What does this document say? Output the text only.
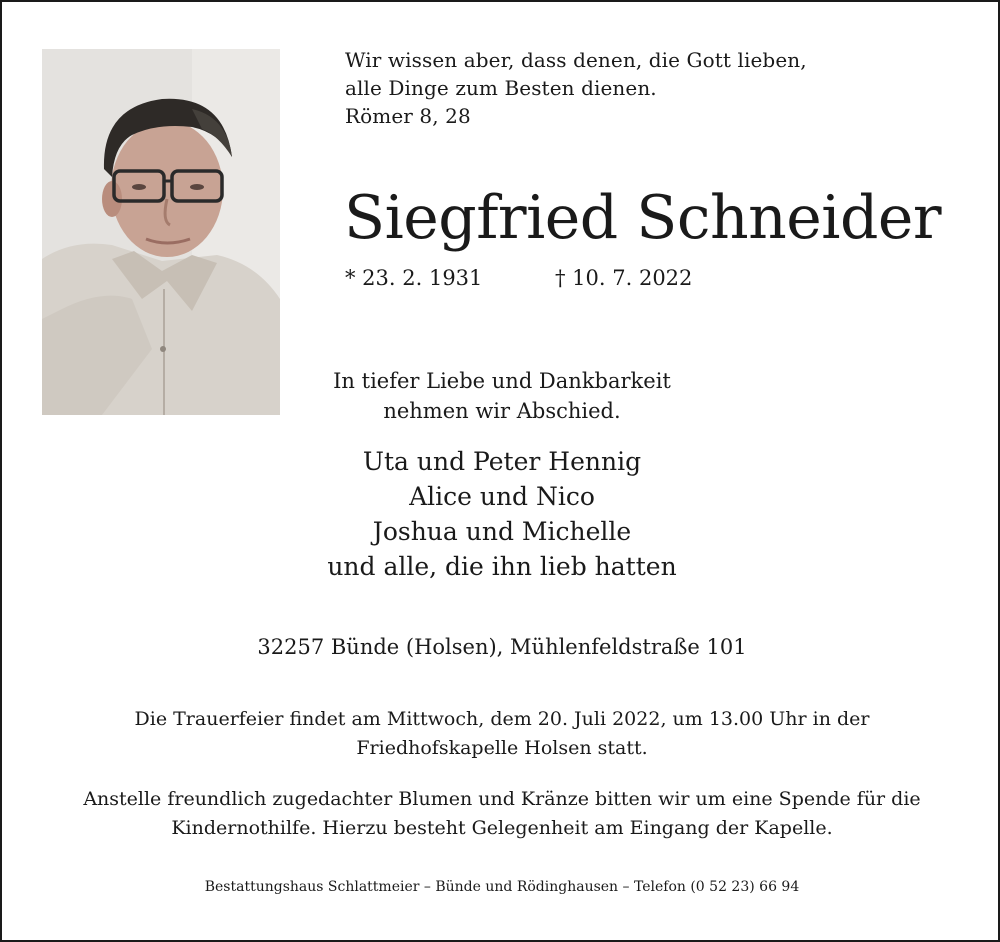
Wir wissen aber, dass denen, die Gott lieben,
alle Dinge zum Besten dienen.
Römer 8, 28
Siegfried Schneider
* 23. 2. 1931	† 10. 7. 2022
In tiefer Liebe und Dankbarkeit
nehmen wir Abschied.
Uta und Peter Hennig
Alice und Nico
Joshua und Michelle
und alle, die ihn lieb hatten
32257 Bünde (Holsen), Mühlenfeldstraße 101
Die Trauerfeier findet am Mittwoch, dem 20. Juli 2022, um 13.00 Uhr in der
Friedhofskapelle Holsen statt.
Anstelle freundlich zugedachter Blumen und Kränze bitten wir um eine Spende für die
Kindernothilfe. Hierzu besteht Gelegenheit am Eingang der Kapelle.
Bestattungshaus Schlattmeier – Bünde und Rödinghausen – Telefon (0 52 23) 66 94
